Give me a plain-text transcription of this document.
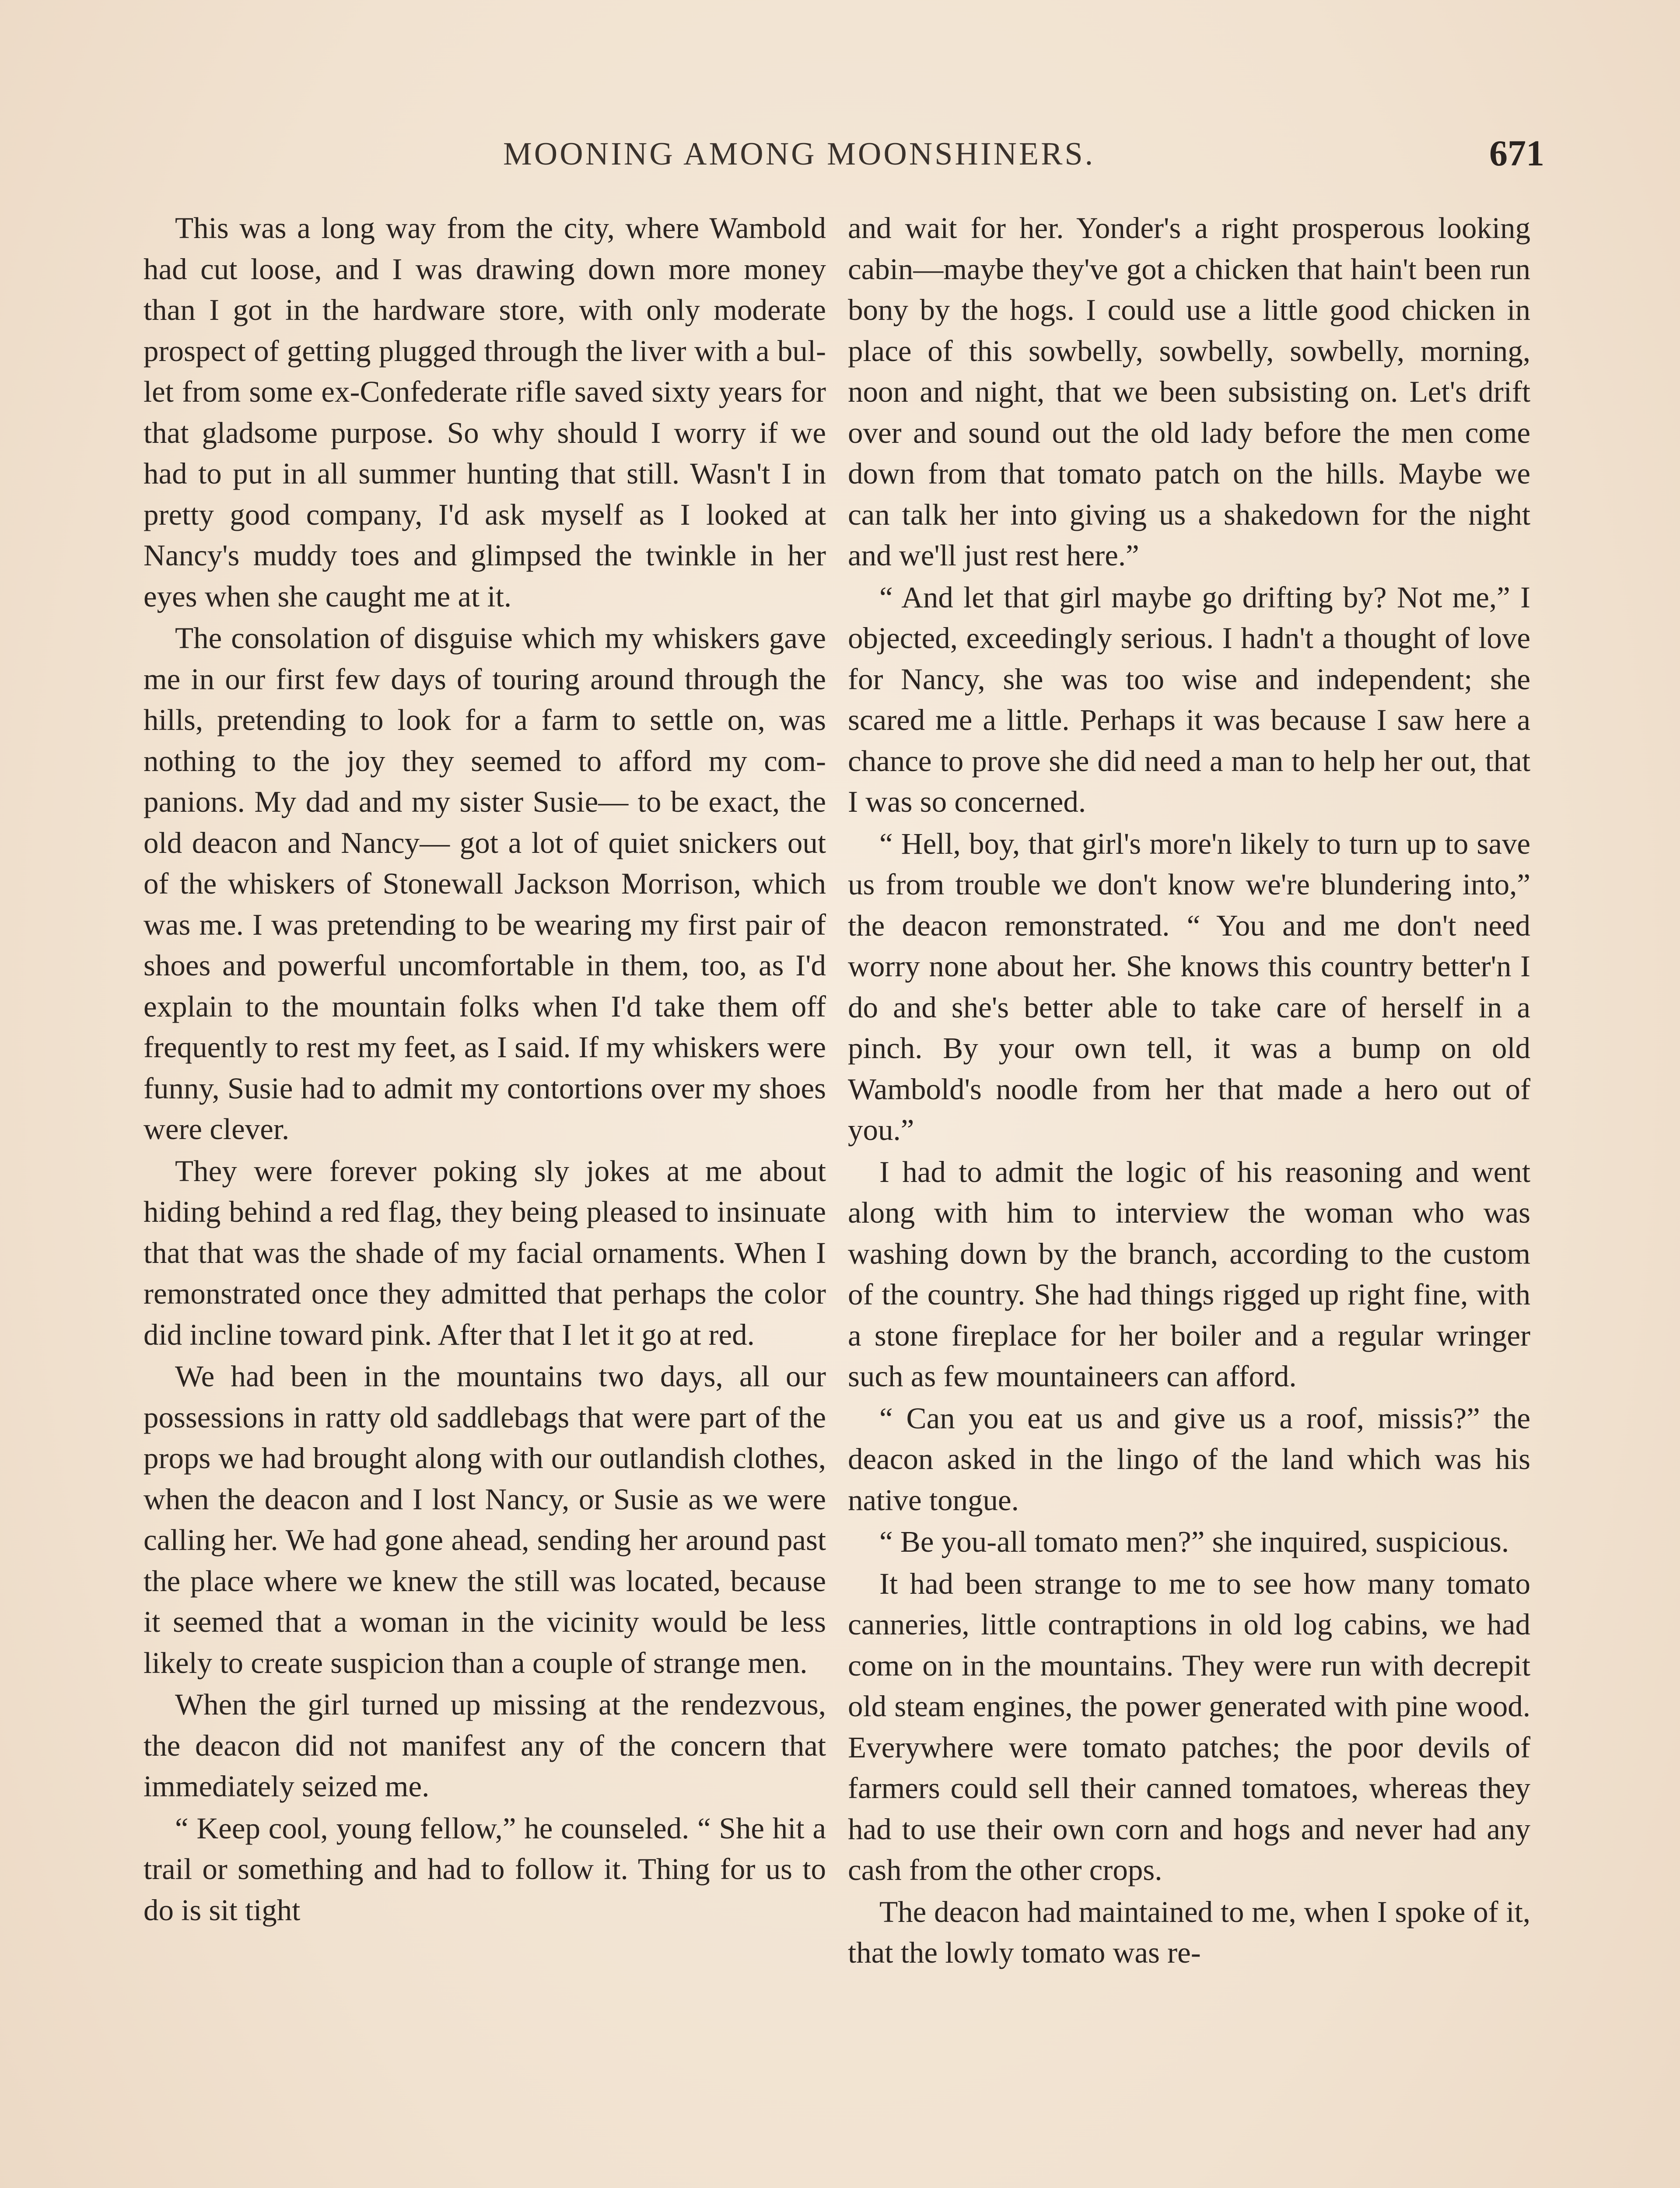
MOONING AMONG MOONSHINERS.	671

This was a long way from the city, where Wambold had cut loose, and I was drawing down more money than I got in the hardware store, with only moderate prospect of getting plugged through the liver with a bullet from some ex-Confederate rifle saved sixty years for that gladsome purpose. So why should I worry if we had to put in all summer hunting that still. Wasn't I in pretty good company, I'd ask myself as I looked at Nancy's muddy toes and glimpsed the twinkle in her eyes when she caught me at it.

The consolation of disguise which my whiskers gave me in our first few days of touring around through the hills, pretending to look for a farm to settle on, was nothing to the joy they seemed to afford my companions. My dad and my sister Susie— to be exact, the old deacon and Nancy— got a lot of quiet snickers out of the whiskers of Stonewall Jackson Morrison, which was me. I was pretending to be wearing my first pair of shoes and powerful uncomfortable in them, too, as I'd explain to the mountain folks when I'd take them off frequently to rest my feet, as I said. If my whiskers were funny, Susie had to admit my contortions over my shoes were clever.

They were forever poking sly jokes at me about hiding behind a red flag, they being pleased to insinuate that that was the shade of my facial ornaments. When I remonstrated once they admitted that perhaps the color did incline toward pink. After that I let it go at red.

We had been in the mountains two days, all our possessions in ratty old saddlebags that were part of the props we had brought along with our outlandish clothes, when the deacon and I lost Nancy, or Susie as we were calling her. We had gone ahead, sending her around past the place where we knew the still was located, because it seemed that a woman in the vicinity would be less likely to create suspicion than a couple of strange men.

When the girl turned up missing at the rendezvous, the deacon did not manifest any of the concern that immediately seized me.

“ Keep cool, young fellow,” he counseled. “ She hit a trail or something and had to follow it. Thing for us to do is sit tight

and wait for her. Yonder's a right prosperous looking cabin—maybe they've got a chicken that hain't been run bony by the hogs. I could use a little good chicken in place of this sowbelly, sowbelly, sowbelly, morning, noon and night, that we been subsisting on. Let's drift over and sound out the old lady before the men come down from that tomato patch on the hills. Maybe we can talk her into giving us a shakedown for the night and we'll just rest here.”

“ And let that girl maybe go drifting by? Not me,” I objected, exceedingly serious. I hadn't a thought of love for Nancy, she was too wise and independent; she scared me a little. Perhaps it was because I saw here a chance to prove she did need a man to help her out, that I was so concerned.

“ Hell, boy, that girl's more'n likely to turn up to save us from trouble we don't know we're blundering into,” the deacon remonstrated. “ You and me don't need worry none about her. She knows this country better'n I do and she's better able to take care of herself in a pinch. By your own tell, it was a bump on old Wambold's noodle from her that made a hero out of you.”

I had to admit the logic of his reasoning and went along with him to interview the woman who was washing down by the branch, according to the custom of the country. She had things rigged up right fine, with a stone fireplace for her boiler and a regular wringer such as few mountaineers can afford.

“ Can you eat us and give us a roof, missis?” the deacon asked in the lingo of the land which was his native tongue.

“ Be you-all tomato men?” she inquired, suspicious.

It had been strange to me to see how many tomato canneries, little contraptions in old log cabins, we had come on in the mountains. They were run with decrepit old steam engines, the power generated with pine wood. Everywhere were tomato patches; the poor devils of farmers could sell their canned tomatoes, whereas they had to use their own corn and hogs and never had any cash from the other crops.

The deacon had maintained to me, when I spoke of it, that the lowly tomato was re-
